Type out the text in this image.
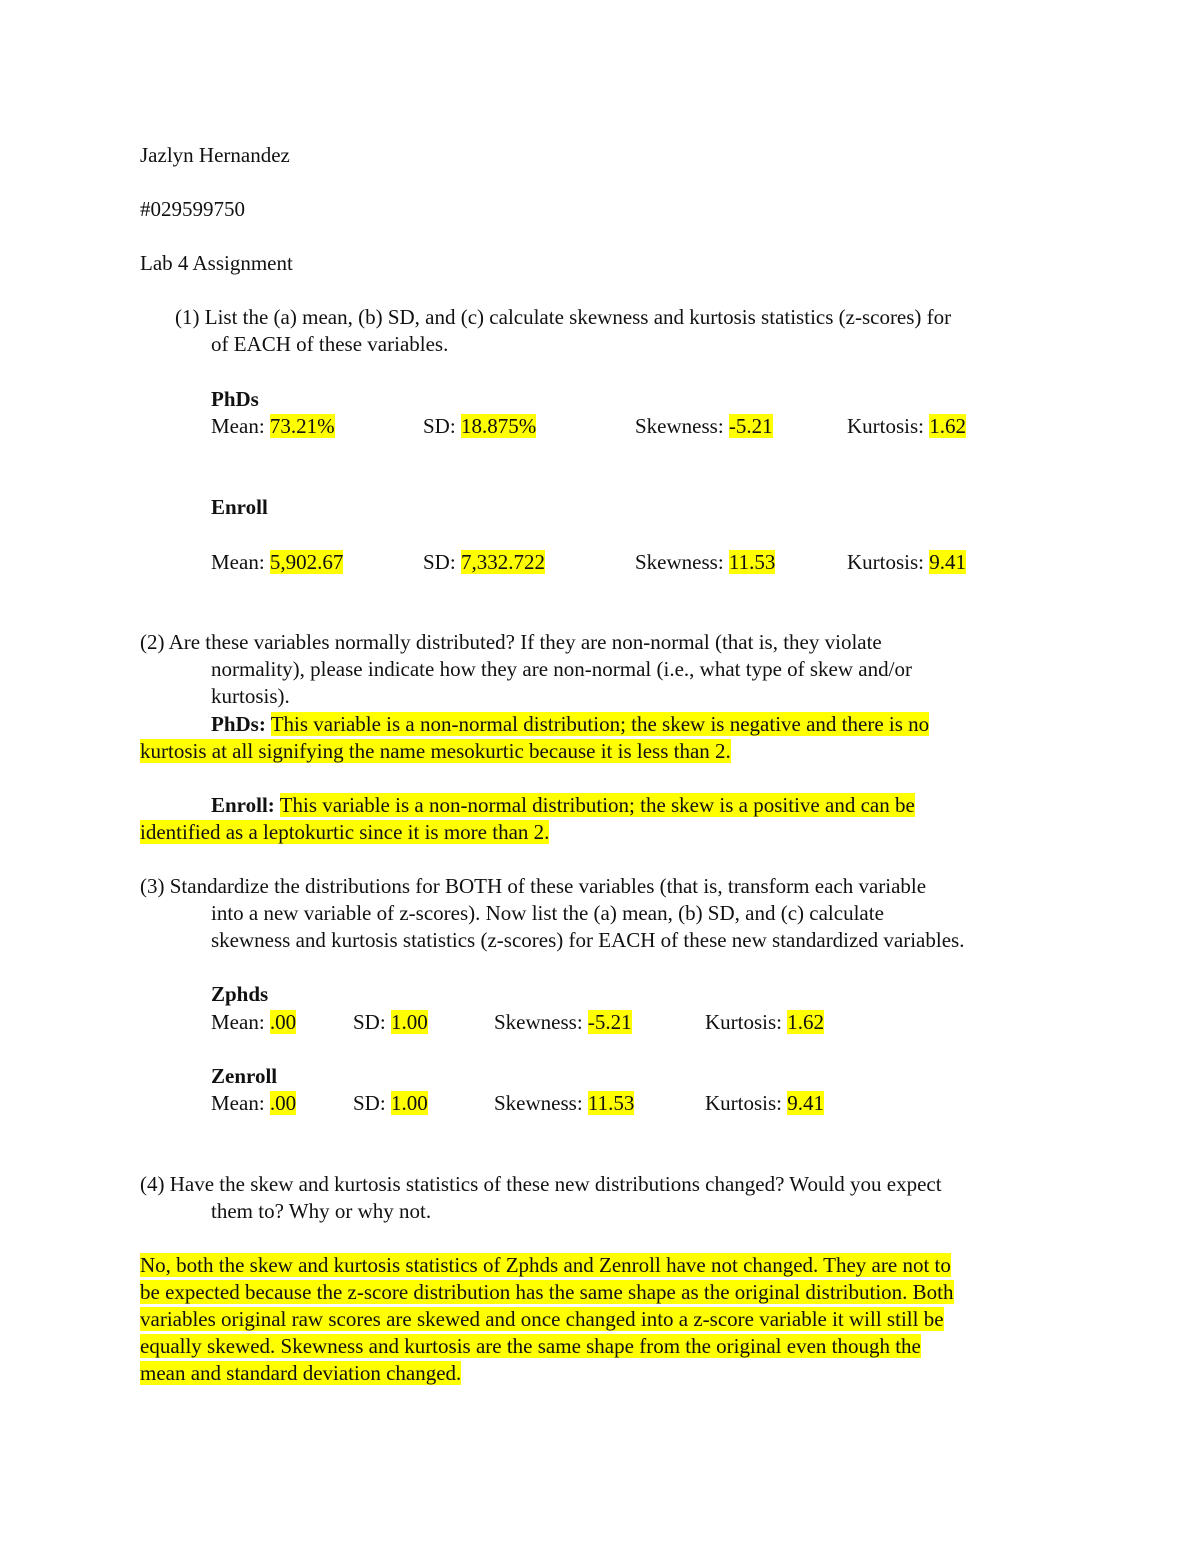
Jazlyn Hernandez
#029599750
Lab 4 Assignment
(1) List the (a) mean, (b) SD, and (c) calculate skewness and kurtosis statistics (z-scores) for
of EACH of these variables.
PhDs
Mean: 73.21%	SD: 18.875%	Skewness: -5.21	Kurtosis: 1.62
Enroll
Mean: 5,902.67	SD: 7,332.722	Skewness: 11.53	Kurtosis: 9.41
(2) Are these variables normally distributed? If they are non-normal (that is, they violate
normality), please indicate how they are non-normal (i.e., what type of skew and/or
kurtosis).
PhDs: This variable is a non-normal distribution; the skew is negative and there is no
kurtosis at all signifying the name mesokurtic because it is less than 2.
Enroll: This variable is a non-normal distribution; the skew is a positive and can be
identified as a leptokurtic since it is more than 2.
(3) Standardize the distributions for BOTH of these variables (that is, transform each variable
into a new variable of z-scores). Now list the (a) mean, (b) SD, and (c) calculate
skewness and kurtosis statistics (z-scores) for EACH of these new standardized variables.
Zphds
Mean: .00	SD: 1.00	Skewness: -5.21	Kurtosis: 1.62
Zenroll
Mean: .00	SD: 1.00	Skewness: 11.53	Kurtosis: 9.41
(4) Have the skew and kurtosis statistics of these new distributions changed? Would you expect
them to? Why or why not.
No, both the skew and kurtosis statistics of Zphds and Zenroll have not changed. They are not to
be expected because the z-score distribution has the same shape as the original distribution. Both
variables original raw scores are skewed and once changed into a z-score variable it will still be
equally skewed. Skewness and kurtosis are the same shape from the original even though the
mean and standard deviation changed.
